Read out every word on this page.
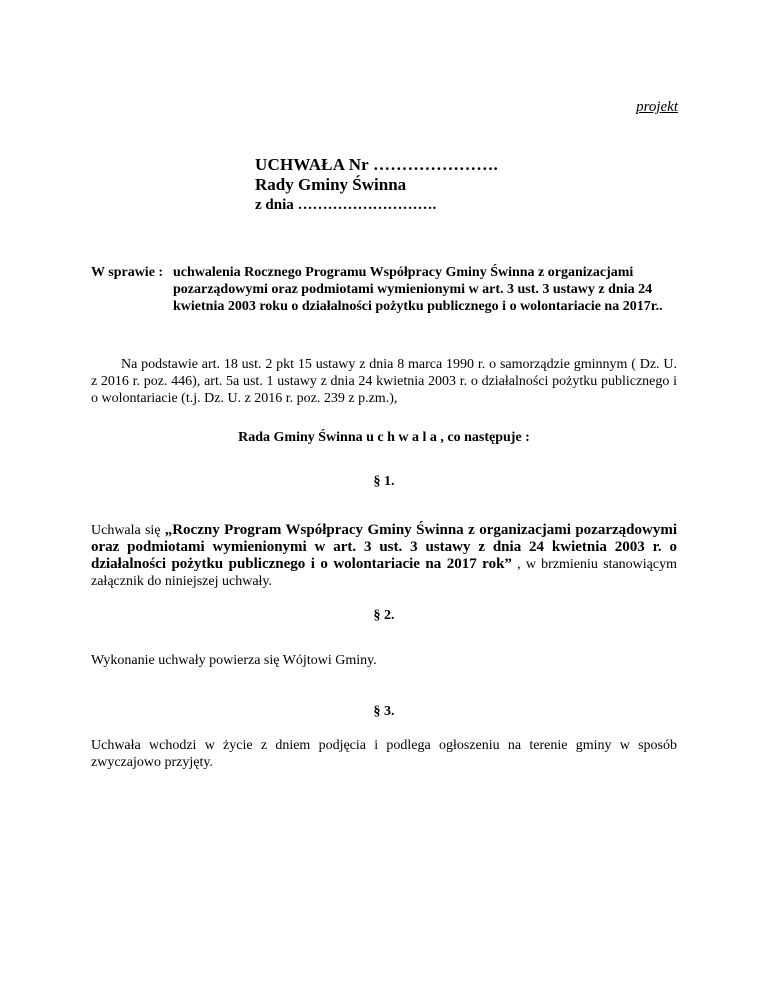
projekt
UCHWAŁA Nr ………………….
Rady Gminy Świnna
z dnia ……………………….
W sprawie : uchwalenia Rocznego Programu Współpracy Gminy Świnna z organizacjami pozarządowymi oraz podmiotami wymienionymi w art. 3 ust. 3 ustawy z dnia 24 kwietnia 2003 roku o działalności pożytku publicznego i o wolontariacie na 2017r..
Na podstawie art. 18 ust. 2 pkt 15 ustawy z dnia 8 marca 1990 r. o samorządzie gminnym ( Dz. U. z 2016 r. poz. 446), art. 5a ust. 1 ustawy z dnia 24 kwietnia 2003 r. o działalności pożytku publicznego i o wolontariacie (t.j. Dz. U. z 2016 r. poz. 239 z p.zm.),
Rada Gminy Świnna u c h w a l a , co następuje :
§ 1.
Uchwala się „Roczny Program Współpracy Gminy Świnna z organizacjami pozarządowymi oraz podmiotami wymienionymi w art. 3 ust. 3 ustawy z dnia 24 kwietnia 2003 r. o działalności pożytku publicznego i o wolontariacie na 2017 rok” , w brzmieniu stanowiącym załącznik do niniejszej uchwały.
§ 2.
Wykonanie uchwały powierza się Wójtowi Gminy.
§ 3.
Uchwała wchodzi w życie z dniem podjęcia i podlega ogłoszeniu na terenie gminy w sposób zwyczajowo przyjęty.
